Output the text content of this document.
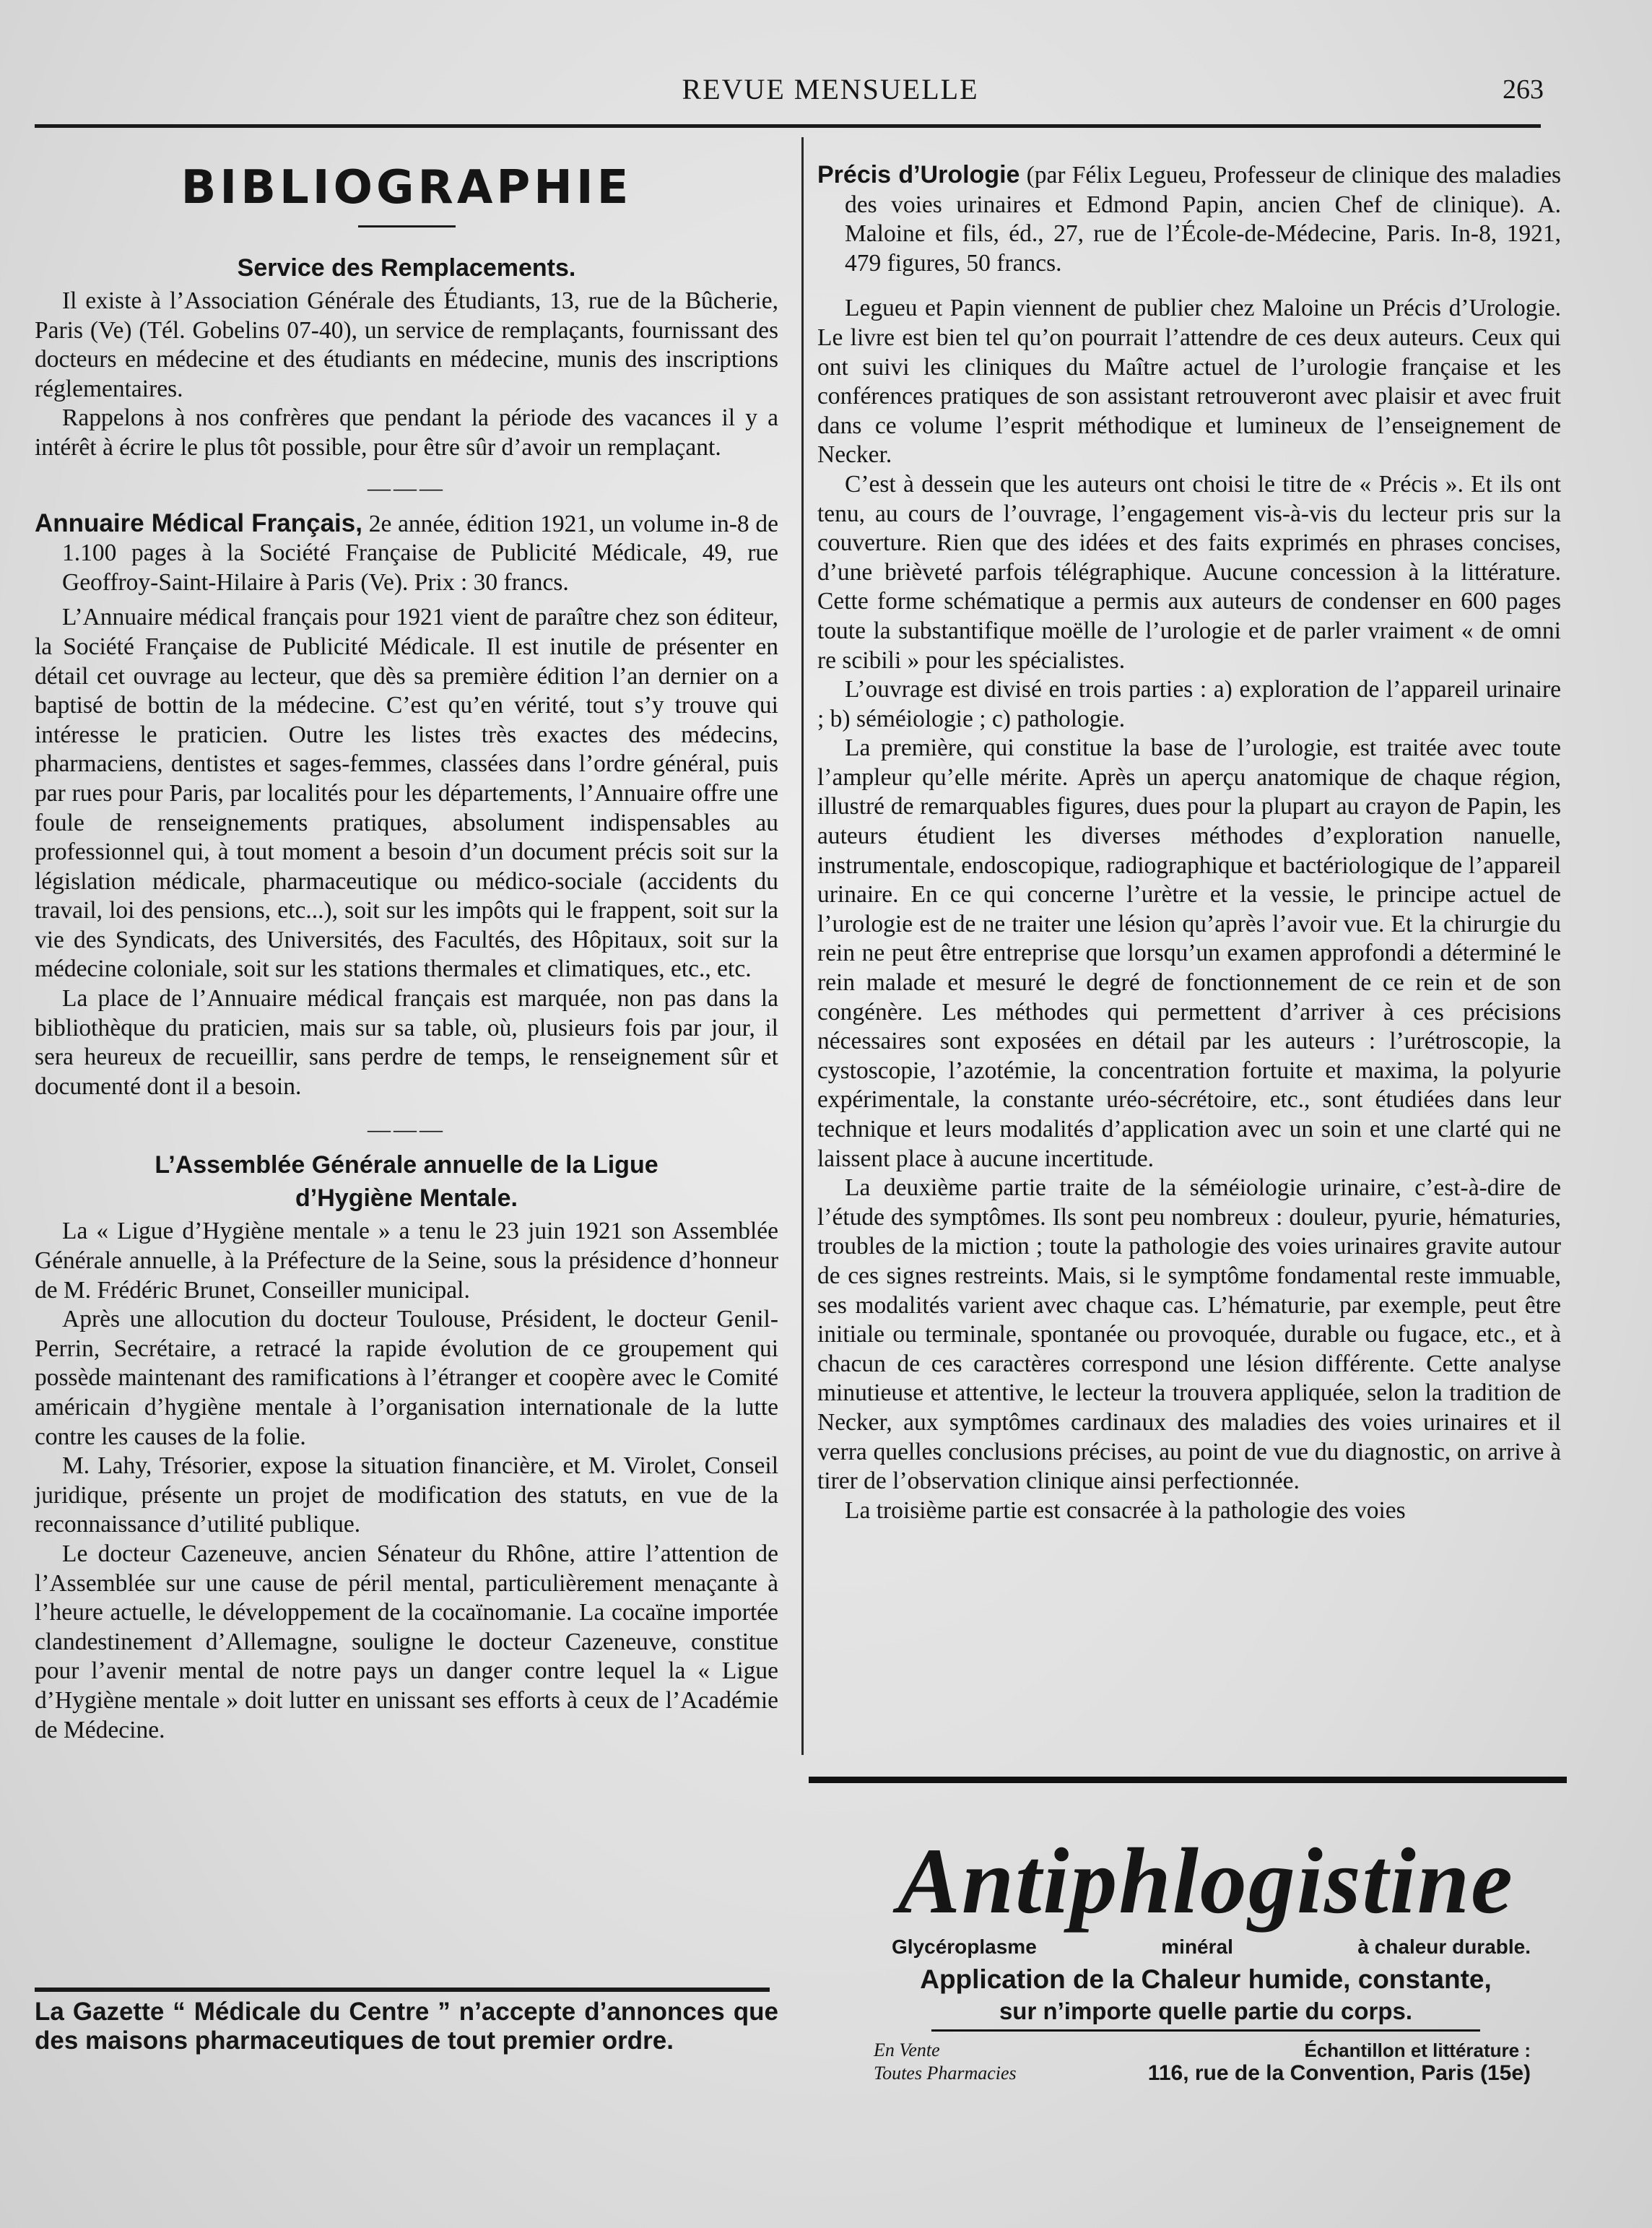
REVUE MENSUELLE	263
BIBLIOGRAPHIE
Service des Remplacements.

Il existe à l’Association Générale des Étudiants, 13, rue de la Bûcherie, Paris (Ve) (Tél. Gobelins 07-40), un service de remplaçants, fournissant des docteurs en médecine et des étudiants en médecine, munis des inscriptions réglementaires.

Rappelons à nos confrères que pendant la période des vacances il y a intérêt à écrire le plus tôt possible, pour être sûr d’avoir un remplaçant.

———

Annuaire Médical Français, 2e année, édition 1921, un volume in-8 de 1.100 pages à la Société Française de Publicité Médicale, 49, rue Geoffroy-Saint-Hilaire à Paris (Ve). Prix : 30 francs.

L’Annuaire médical français pour 1921 vient de paraître chez son éditeur, la Société Française de Publicité Médicale. Il est inutile de présenter en détail cet ouvrage au lecteur, que dès sa première édition l’an dernier on a baptisé de bottin de la médecine. C’est qu’en vérité, tout s’y trouve qui intéresse le praticien. Outre les listes très exactes des médecins, pharmaciens, dentistes et sages-femmes, classées dans l’ordre général, puis par rues pour Paris, par localités pour les départements, l’Annuaire offre une foule de renseignements pratiques, absolument indispensables au professionnel qui, à tout moment a besoin d’un document précis soit sur la législation médicale, pharmaceutique ou médico-sociale (accidents du travail, loi des pensions, etc...), soit sur les impôts qui le frappent, soit sur la vie des Syndicats, des Universités, des Facultés, des Hôpitaux, soit sur la médecine coloniale, soit sur les stations thermales et climatiques, etc., etc.

La place de l’Annuaire médical français est marquée, non pas dans la bibliothèque du praticien, mais sur sa table, où, plusieurs fois par jour, il sera heureux de recueillir, sans perdre de temps, le renseignement sûr et documenté dont il a besoin.

———
L’Assemblée Générale annuelle de la Ligue
d’Hygiène Mentale.

La « Ligue d’Hygiène mentale » a tenu le 23 juin 1921 son Assemblée Générale annuelle, à la Préfecture de la Seine, sous la présidence d’honneur de M. Frédéric Brunet, Conseiller municipal.

Après une allocution du docteur Toulouse, Président, le docteur Genil-Perrin, Secrétaire, a retracé la rapide évolution de ce groupement qui possède maintenant des ramifications à l’étranger et coopère avec le Comité américain d’hygiène mentale à l’organisation internationale de la lutte contre les causes de la folie.

M. Lahy, Trésorier, expose la situation financière, et M. Virolet, Conseil juridique, présente un projet de modification des statuts, en vue de la reconnaissance d’utilité publique.

Le docteur Cazeneuve, ancien Sénateur du Rhône, attire l’attention de l’Assemblée sur une cause de péril mental, particulièrement menaçante à l’heure actuelle, le développement de la cocaïnomanie. La cocaïne importée clandestinement d’Allemagne, souligne le docteur Cazeneuve, constitue pour l’avenir mental de notre pays un danger contre lequel la « Ligue d’Hygiène mentale » doit lutter en unissant ses efforts à ceux de l’Académie de Médecine.

La Gazette “ Médicale du Centre ” n’accepte d’annonces que des maisons pharmaceutiques de tout premier ordre.

Précis d’Urologie (par Félix Legueu, Professeur de clinique des maladies des voies urinaires et Edmond Papin, ancien Chef de clinique). A. Maloine et fils, éd., 27, rue de l’École-de-Médecine, Paris. In-8, 1921, 479 figures, 50 francs.

Legueu et Papin viennent de publier chez Maloine un Précis d’Urologie. Le livre est bien tel qu’on pourrait l’attendre de ces deux auteurs. Ceux qui ont suivi les cliniques du Maître actuel de l’urologie française et les conférences pratiques de son assistant retrouveront avec plaisir et avec fruit dans ce volume l’esprit méthodique et lumineux de l’enseignement de Necker.

C’est à dessein que les auteurs ont choisi le titre de « Précis ». Et ils ont tenu, au cours de l’ouvrage, l’engagement vis-à-vis du lecteur pris sur la couverture. Rien que des idées et des faits exprimés en phrases concises, d’une brièveté parfois télégraphique. Aucune concession à la littérature. Cette forme schématique a permis aux auteurs de condenser en 600 pages toute la substantifique moëlle de l’urologie et de parler vraiment « de omni re scibili » pour les spécialistes.

L’ouvrage est divisé en trois parties : a) exploration de l’appareil urinaire ; b) séméiologie ; c) pathologie.

La première, qui constitue la base de l’urologie, est traitée avec toute l’ampleur qu’elle mérite. Après un aperçu anatomique de chaque région, illustré de remarquables figures, dues pour la plupart au crayon de Papin, les auteurs étudient les diverses méthodes d’exploration nanuelle, instrumentale, endoscopique, radiographique et bactériologique de l’appareil urinaire. En ce qui concerne l’urètre et la vessie, le principe actuel de l’urologie est de ne traiter une lésion qu’après l’avoir vue. Et la chirurgie du rein ne peut être entreprise que lorsqu’un examen approfondi a déterminé le rein malade et mesuré le degré de fonctionnement de ce rein et de son congénère. Les méthodes qui permettent d’arriver à ces précisions nécessaires sont exposées en détail par les auteurs : l’urétroscopie, la cystoscopie, l’azotémie, la concentration fortuite et maxima, la polyurie expérimentale, la constante uréo-sécrétoire, etc., sont étudiées dans leur technique et leurs modalités d’application avec un soin et une clarté qui ne laissent place à aucune incertitude.

La deuxième partie traite de la séméiologie urinaire, c’est-à-dire de l’étude des symptômes. Ils sont peu nombreux : douleur, pyurie, hématuries, troubles de la miction ; toute la pathologie des voies urinaires gravite autour de ces signes restreints. Mais, si le symptôme fondamental reste immuable, ses modalités varient avec chaque cas. L’hématurie, par exemple, peut être initiale ou terminale, spontanée ou provoquée, durable ou fugace, etc., et à chacun de ces caractères correspond une lésion différente. Cette analyse minutieuse et attentive, le lecteur la trouvera appliquée, selon la tradition de Necker, aux symptômes cardinaux des maladies des voies urinaires et il verra quelles conclusions précises, au point de vue du diagnostic, on arrive à tirer de l’observation clinique ainsi perfectionnée.

La troisième partie est consacrée à la pathologie des voies

Antiphlogistine
Glycéroplasme	minéral	à chaleur durable.
Application de la Chaleur humide, constante,
sur n’importe quelle partie du corps.
En Vente
Toutes Pharmacies
Échantillon et littérature :
116, rue de la Convention, Paris (15e)
